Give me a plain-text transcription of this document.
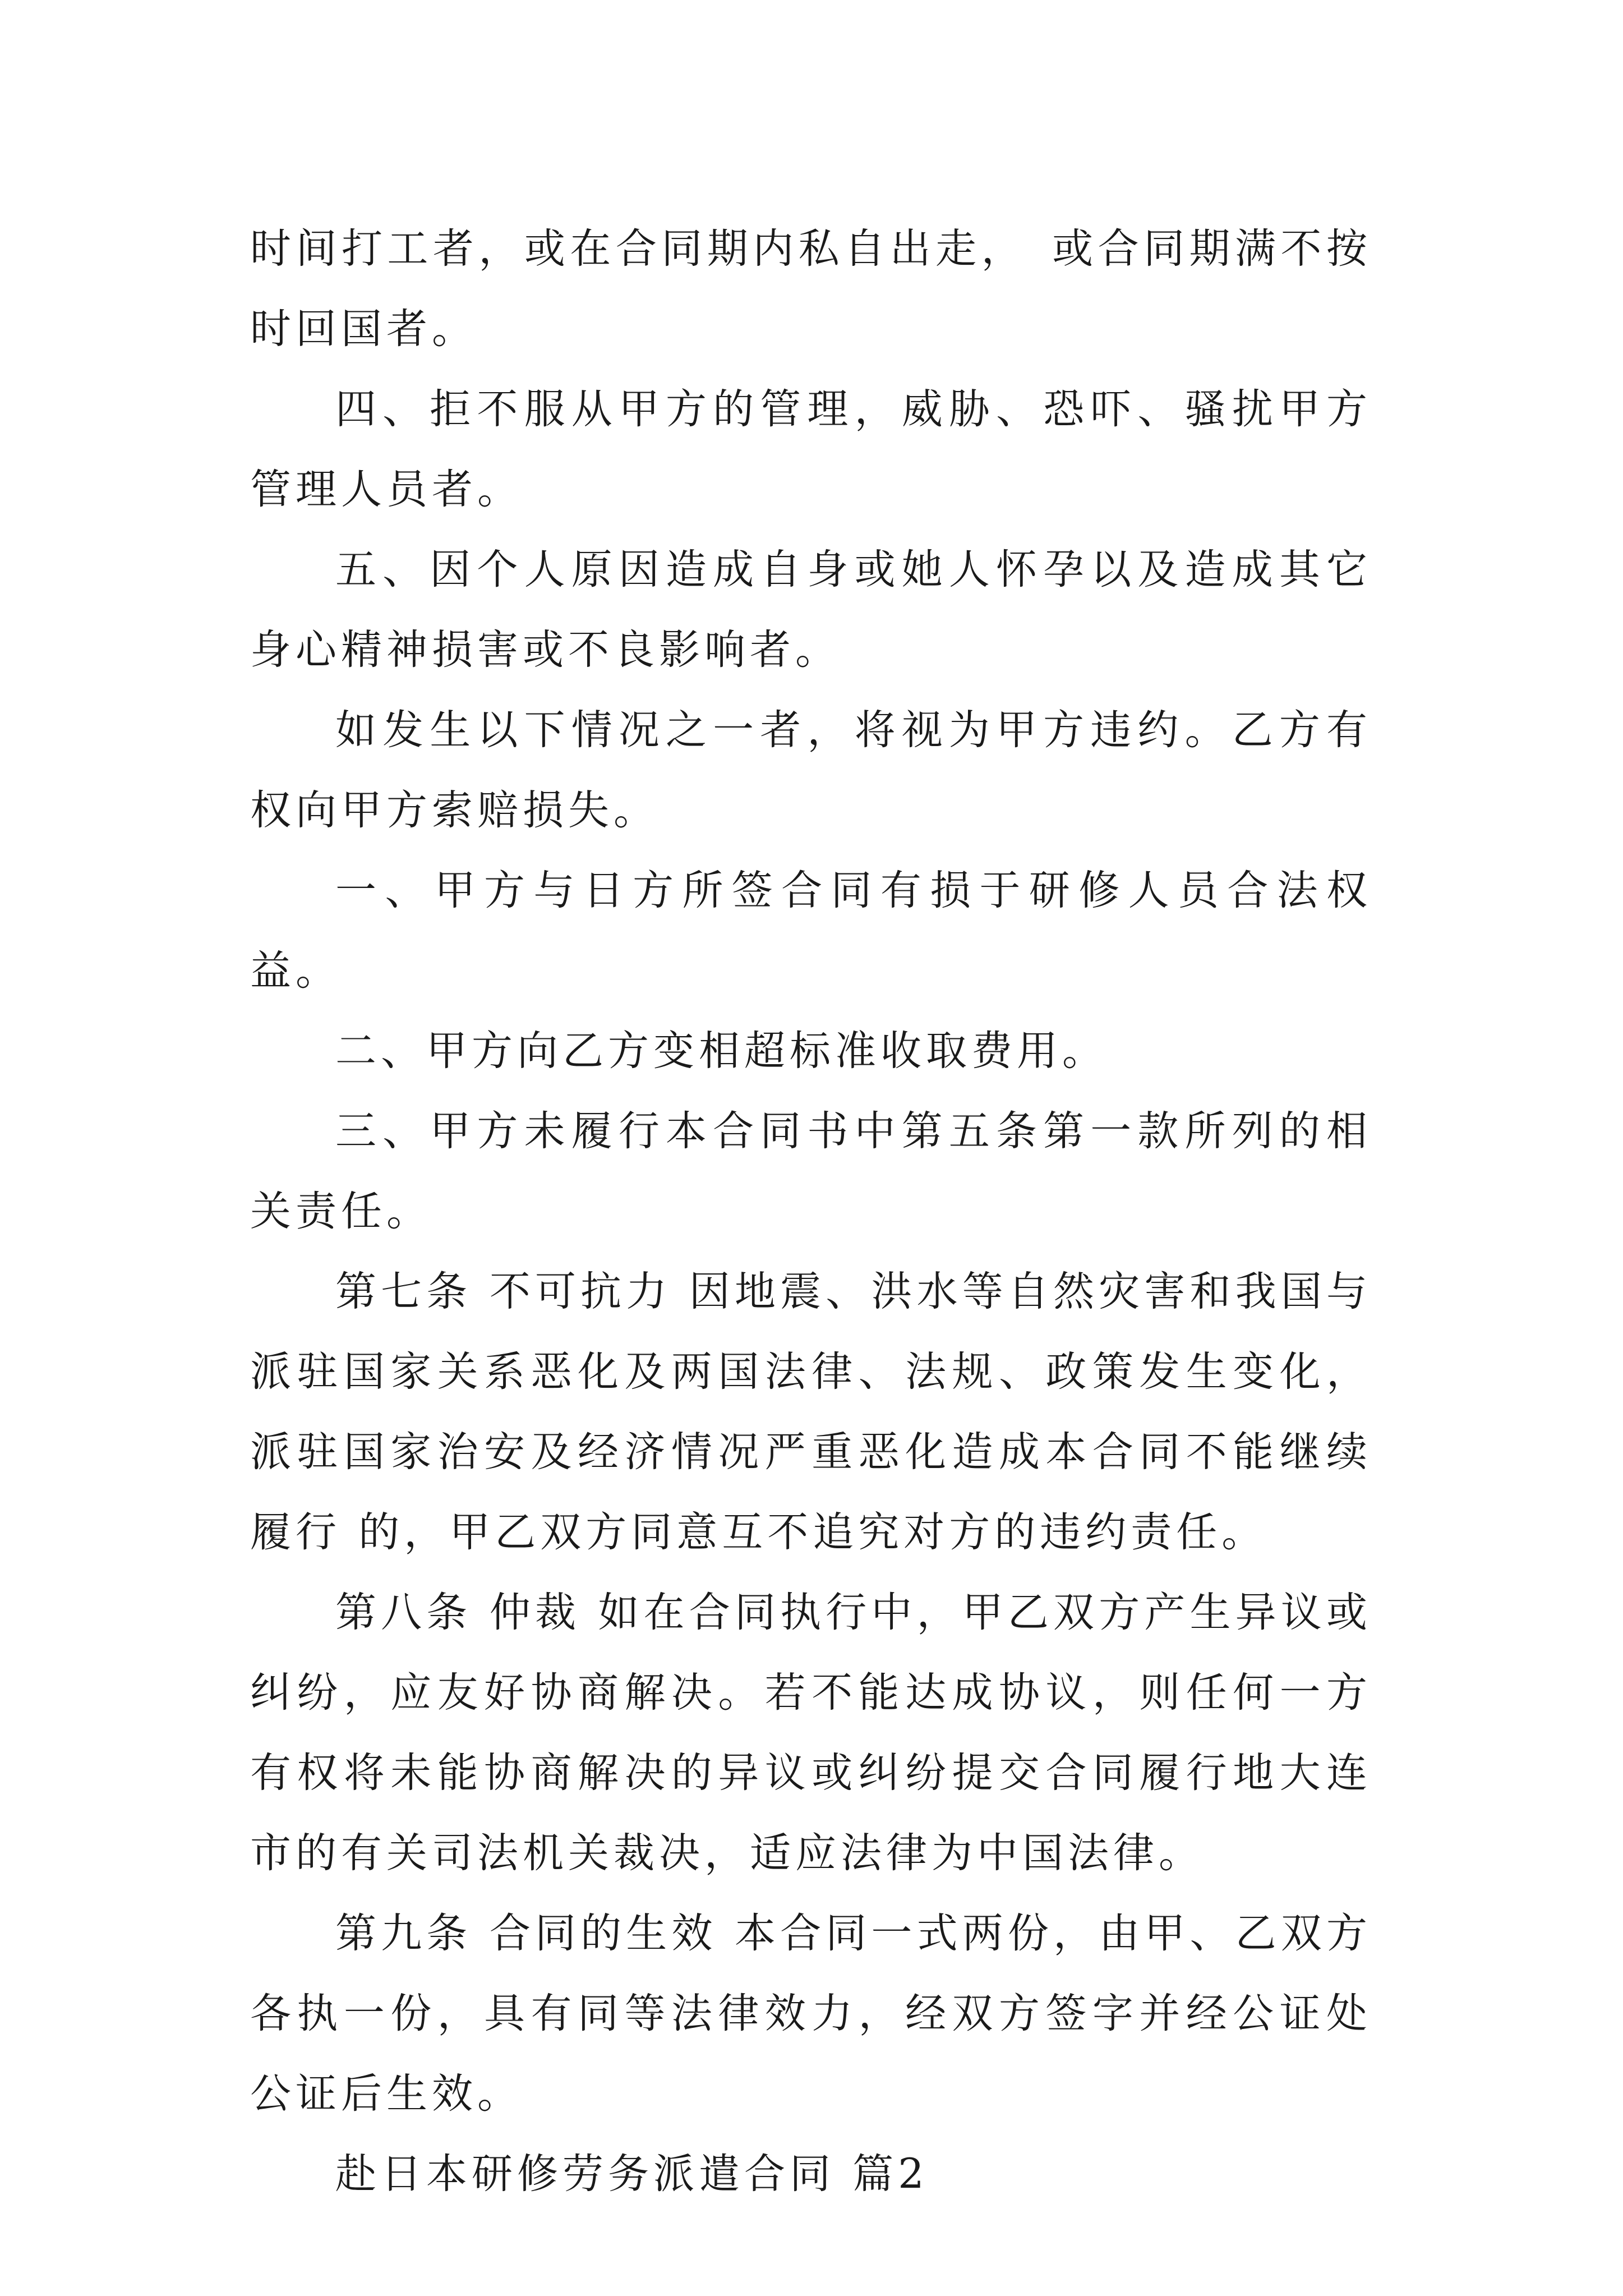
时间打工者，或在合同期内私自出走，　或合同期满不按时回国者。

四、拒不服从甲方的管理，威胁、恐吓、骚扰甲方管理人员者。

五、因个人原因造成自身或她人怀孕以及造成其它身心精神损害或不良影响者。

如发生以下情况之一者，将视为甲方违约。乙方有权向甲方索赔损失。

一、甲方与日方所签合同有损于研修人员合法权益。

二、甲方向乙方变相超标准收取费用。

三、甲方未履行本合同书中第五条第一款所列的相关责任。

第七条 不可抗力 因地震、洪水等自然灾害和我国与派驻国家关系恶化及两国法律、法规、政策发生变化，派驻国家治安及经济情况严重恶化造成本合同不能继续履行 的，甲乙双方同意互不追究对方的违约责任。

第八条 仲裁 如在合同执行中，甲乙双方产生异议或纠纷，应友好协商解决。若不能达成协议，则任何一方有权将未能协商解决的异议或纠纷提交合同履行地大连市的有关司法机关裁决，适应法律为中国法律。

第九条 合同的生效 本合同一式两份，由甲、乙双方各执一份，具有同等法律效力，经双方签字并经公证处公证后生效。

赴日本研修劳务派遣合同 篇2
